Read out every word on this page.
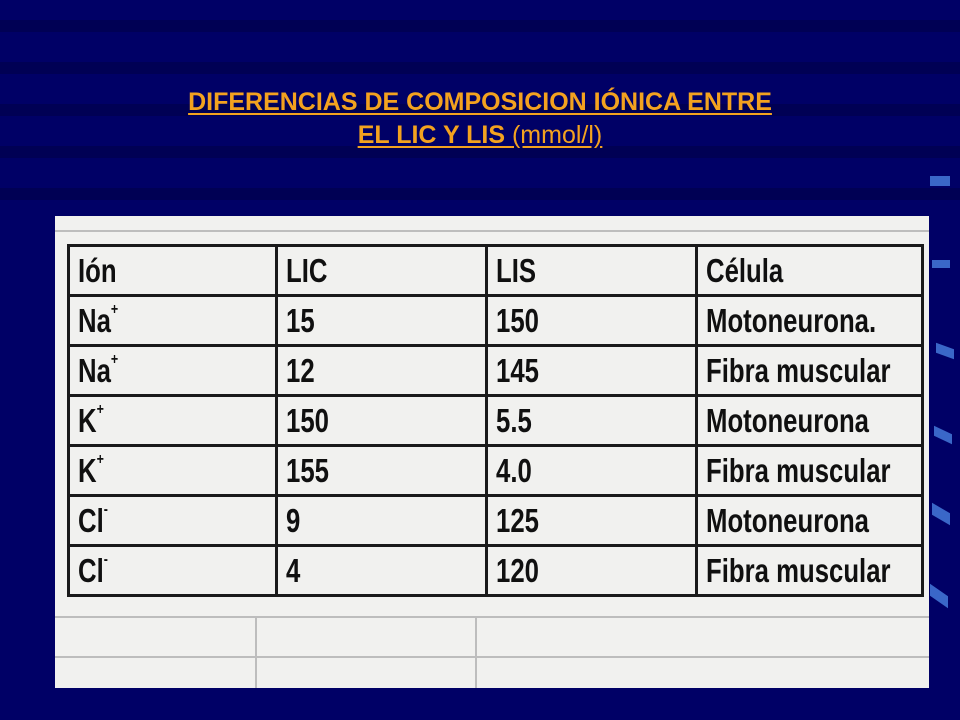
DIFERENCIAS DE COMPOSICION IÓNICA ENTRE
EL LIC Y LIS (mmol/l)
Ión	LIC	LIS	Célula
Na+	15	150	Motoneurona.
Na+	12	145	Fibra muscular
K+	150	5.5	Motoneurona
K+	155	4.0	Fibra muscular
Cl-	9	125	Motoneurona
Cl-	4	120	Fibra muscular
